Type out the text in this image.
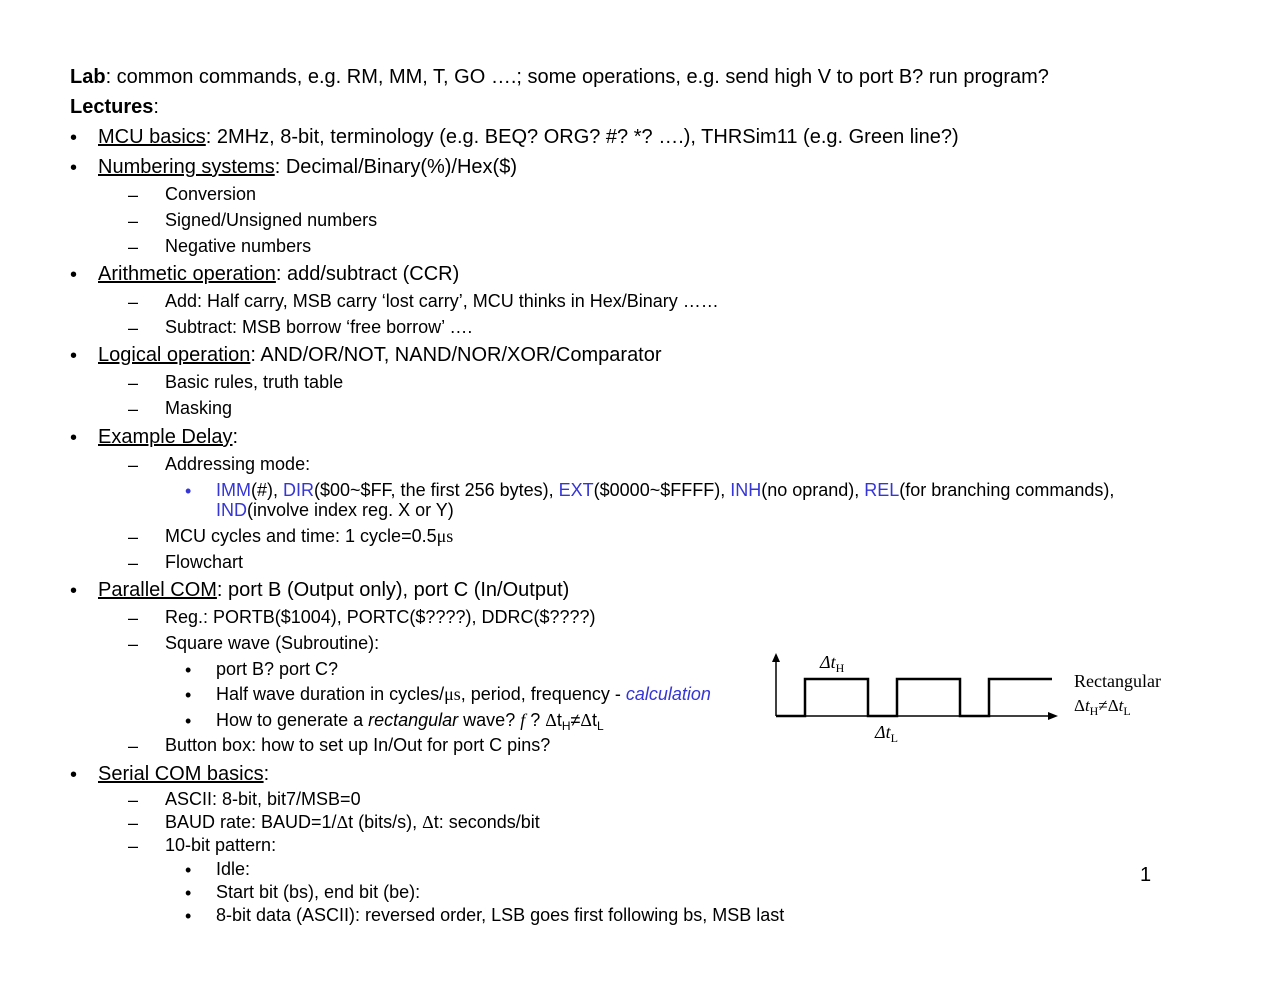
Lab: common commands, e.g. RM, MM, T, GO ….; some operations, e.g. send high V to port B? run program?
Lectures:
• MCU basics: 2MHz, 8-bit, terminology (e.g. BEQ? ORG? #? *? ….), THRSim11 (e.g. Green line?)
• Numbering systems: Decimal/Binary(%)/Hex($)
– Conversion
– Signed/Unsigned numbers
– Negative numbers
• Arithmetic operation: add/subtract (CCR)
– Add: Half carry, MSB carry ‘lost carry’, MCU thinks in Hex/Binary ……
– Subtract: MSB borrow ‘free borrow’ ….
• Logical operation: AND/OR/NOT, NAND/NOR/XOR/Comparator
– Basic rules, truth table
– Masking
• Example Delay:
– Addressing mode:
• IMM(#), DIR($00~$FF, the first 256 bytes), EXT($0000~$FFFF), INH(no oprand), REL(for branching commands),
IND(involve index reg. X or Y)
– MCU cycles and time: 1 cycle=0.5μs
– Flowchart
• Parallel COM: port B (Output only), port C (In/Output)
– Reg.: PORTB($1004), PORTC($????), DDRC($????)
– Square wave (Subroutine):
• port B? port C?
• Half wave duration in cycles/μs, period, frequency - calculation
• How to generate a rectangular wave? f ? $\Delta t_H\ne\Delta t_L$
– Button box: how to set up In/Out for port C pins?
• Serial COM basics:
– ASCII: 8-bit, bit7/MSB=0
– BAUD rate: BAUD=1/Δt (bits/s), Δt: seconds/bit
– 10-bit pattern:
• Idle:
• Start bit (bs), end bit (be):
• 8-bit data (ASCII): reversed order, LSB goes first following bs, MSB last
$\Delta t_H$
$\Delta t_L$
Rectangular
$\Delta t_H\ne\Delta t_L$
1
